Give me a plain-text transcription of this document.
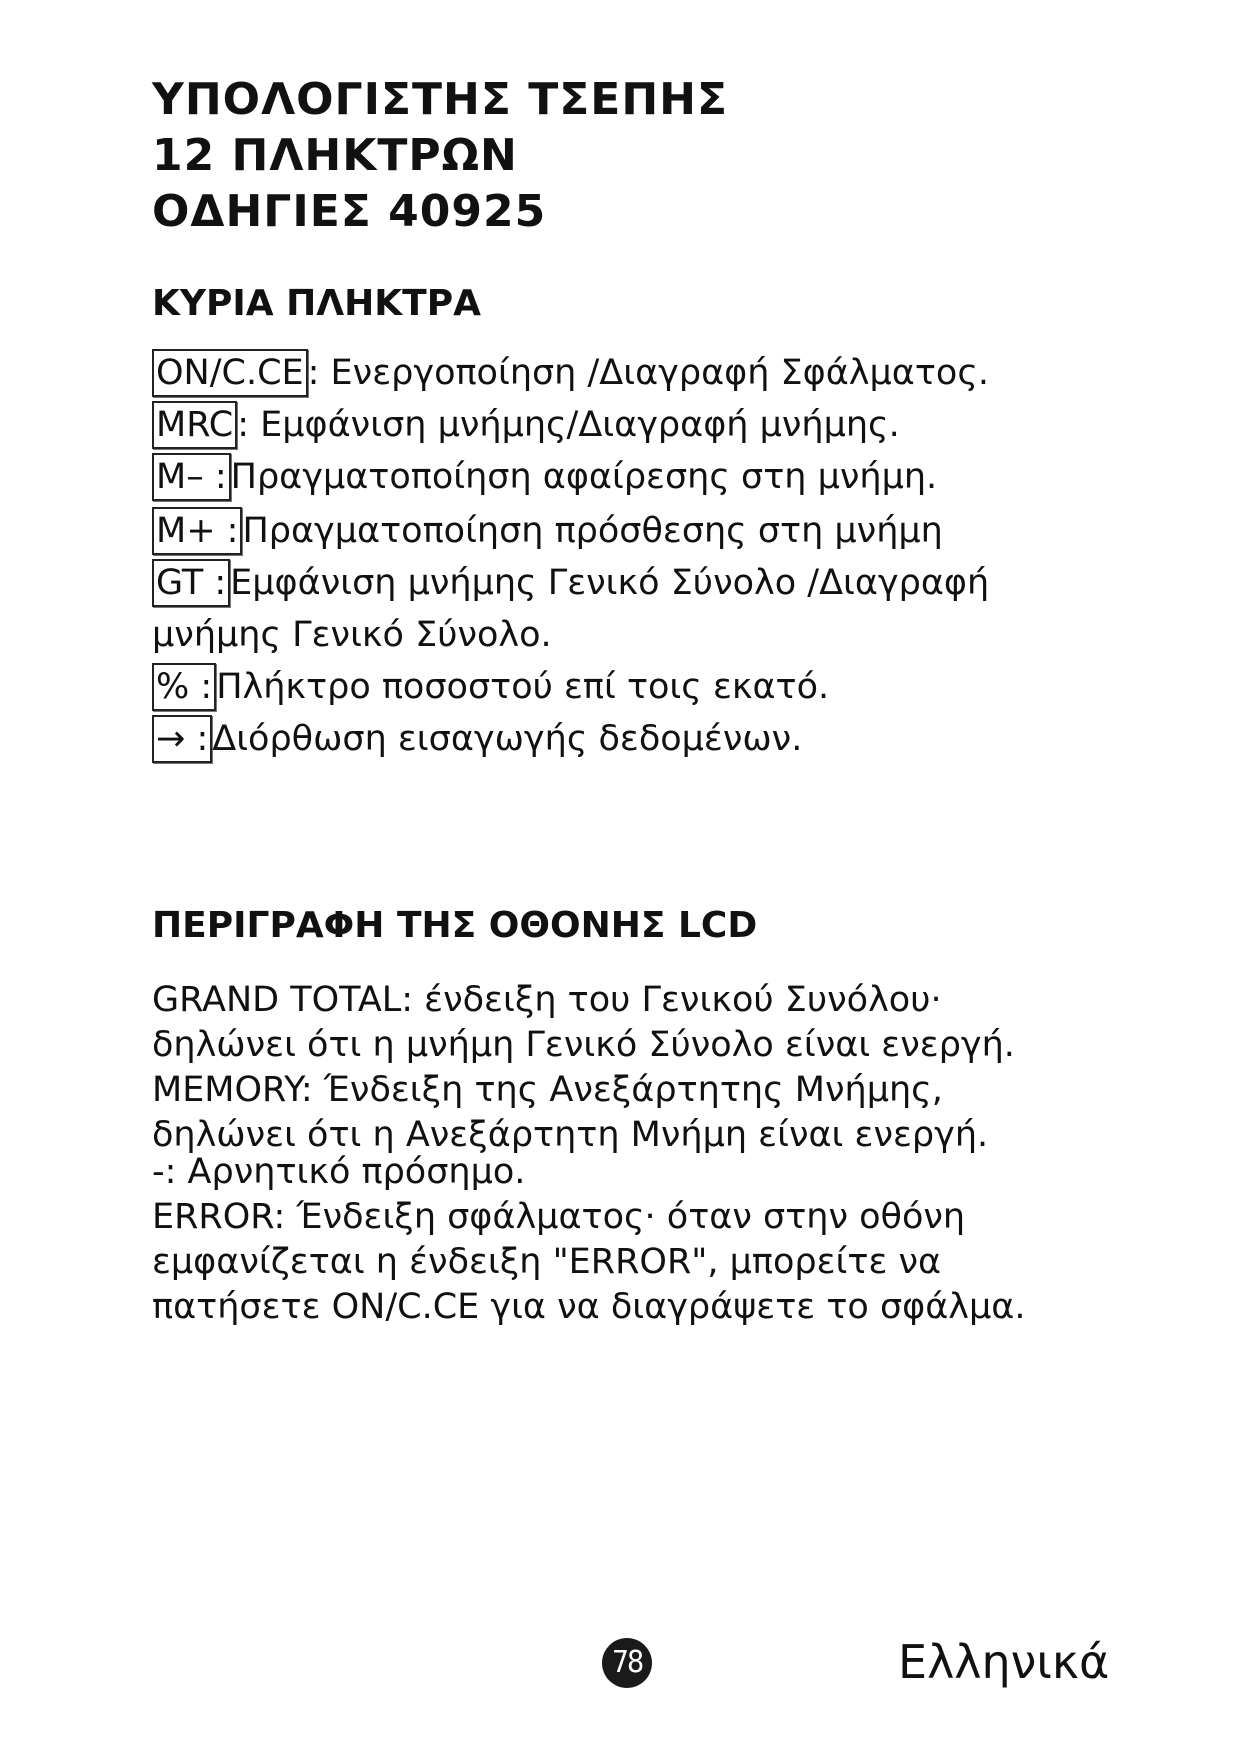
ΥΠΟΛΟΓΙΣΤΗΣ ΤΣΕΠΗΣ
12 ΠΛΗΚΤΡΩΝ
ΟΔΗΓΙΕΣ 40925
ΚΥΡΙΑ ΠΛΗΚΤΡΑ
ON/C.CE : Ενεργοποίηση /Διαγραφή Σφάλματος.
MRC: Εμφάνιση μνήμης/Διαγραφή μνήμης.
M– : Πραγματοποίηση αφαίρεσης στη μνήμη.
M+ : Πραγματοποίηση πρόσθεσης στη μνήμη
GT : Εμφάνιση μνήμης Γενικό Σύνολο /Διαγραφή
μνήμης Γενικό Σύνολο.
% : Πλήκτρο ποσοστού επί τοις εκατό.
→ : Διόρθωση εισαγωγής δεδομένων.
ΠΕΡΙΓΡΑΦΗ ΤΗΣ ΟΘΟΝΗΣ LCD
GRAND TOTAL: ένδειξη του Γενικού Συνόλου·
δηλώνει ότι η μνήμη Γενικό Σύνολο είναι ενεργή.
MEMORY: Ένδειξη της Ανεξάρτητης Μνήμης,
δηλώνει ότι η Ανεξάρτητη Μνήμη είναι ενεργή.
-: Αρνητικό πρόσημο.
ERROR: Ένδειξη σφάλματος· όταν στην οθόνη
εμφανίζεται η ένδειξη "ERROR", μπορείτε να
πατήσετε ON/C.CE για να διαγράψετε το σφάλμα.
78	Ελληνικά
